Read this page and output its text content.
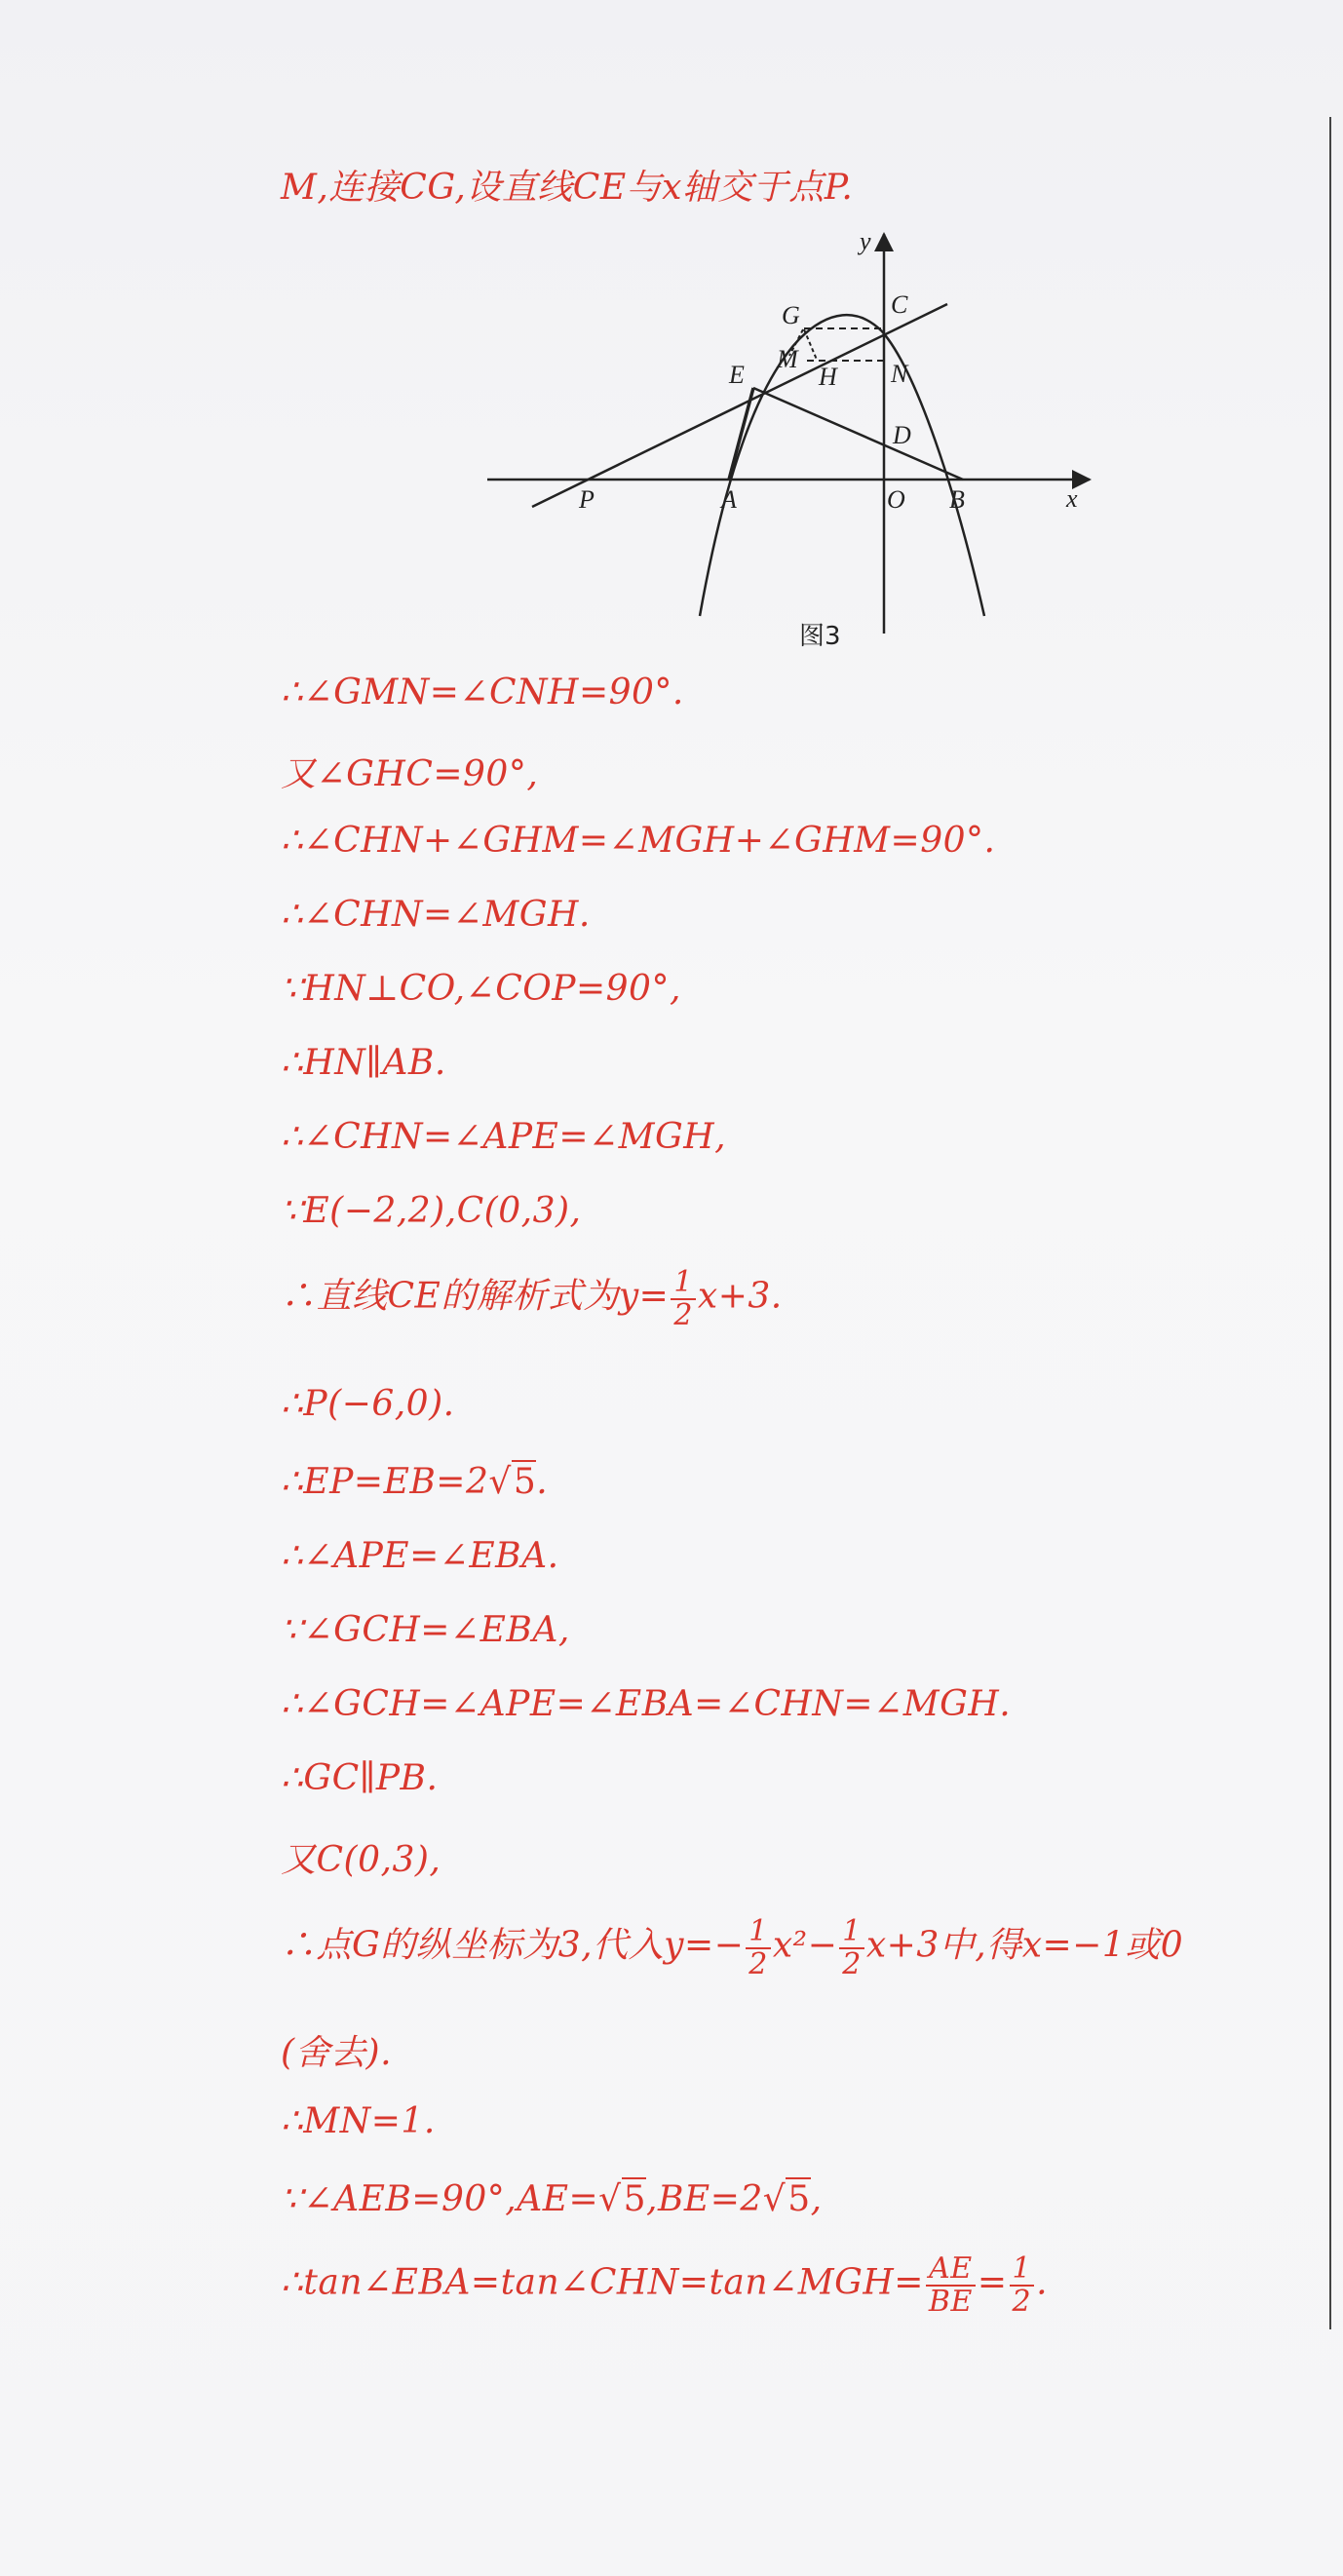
M,连接CG,设直线CE与x轴交于点P.
y
x
G	C
M
H
E	N
D
P	A	O B
图3
∴∠GMN=∠CNH=90°.
又∠GHC=90°,
∴∠CHN+∠GHM=∠MGH+∠GHM=90°.
∴∠CHN=∠MGH.
∵HN⊥CO,∠COP=90°,
∴HN∥AB.
∴∠CHN=∠APE=∠MGH,
∵E(−2,2),C(0,3),
∴直线CE的解析式为$y= \frac{1}{2} x+3$.
∴P(−6,0).
∴EP=EB=2√5.
∴∠APE=∠EBA.
∵∠GCH=∠EBA,
∴∠GCH=∠APE=∠EBA=∠CHN=∠MGH.
∴GC∥PB.
又C(0,3),
∴点G的纵坐标为3,代入$y=- \frac{1}{2} x^2- \frac{1}{2} x+3$中,得x=−1或0
(舍去).
∴MN=1.
∵∠AEB=90°,AE=√5,BE=2√5,
∴tan∠EBA=tan∠CHN=tan∠MGH= $\frac{AE}{BE} = \frac{1}{2}$ .
